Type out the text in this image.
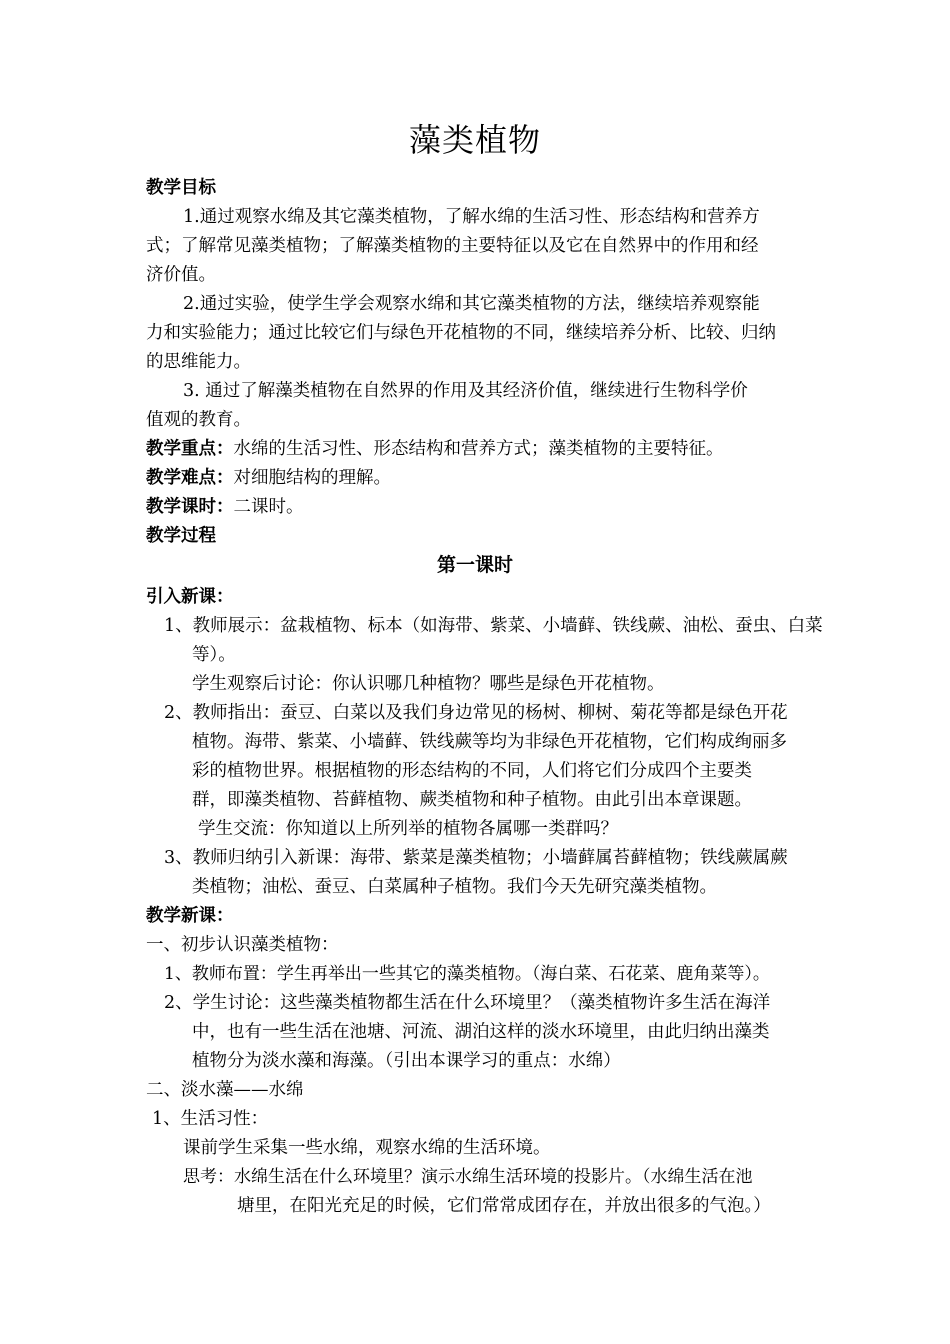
藻类植物
教学目标
1.通过观察水绵及其它藻类植物，了解水绵的生活习性、形态结构和营养方
式；了解常见藻类植物；了解藻类植物的主要特征以及它在自然界中的作用和经
济价值。
2.通过实验，使学生学会观察水绵和其它藻类植物的方法，继续培养观察能
力和实验能力；通过比较它们与绿色开花植物的不同，继续培养分析、比较、归纳
的思维能力。
3. 通过了解藻类植物在自然界的作用及其经济价值，继续进行生物科学价
值观的教育。
教学重点：水绵的生活习性、形态结构和营养方式；藻类植物的主要特征。
教学难点：对细胞结构的理解。
教学课时：二课时。
教学过程
第一课时
引入新课：
1、教师展示：盆栽植物、标本（如海带、紫菜、小墙藓、铁线蕨、油松、蚕虫、白菜
等）。
学生观察后讨论：你认识哪几种植物？哪些是绿色开花植物。
2、教师指出：蚕豆、白菜以及我们身边常见的杨树、柳树、菊花等都是绿色开花
植物。海带、紫菜、小墙藓、铁线蕨等均为非绿色开花植物，它们构成绚丽多
彩的植物世界。根据植物的形态结构的不同，人们将它们分成四个主要类
群，即藻类植物、苔藓植物、蕨类植物和种子植物。由此引出本章课题。
学生交流：你知道以上所列举的植物各属哪一类群吗？
3、教师归纳引入新课：海带、紫菜是藻类植物；小墙藓属苔藓植物；铁线蕨属蕨
类植物；油松、蚕豆、白菜属种子植物。我们今天先研究藻类植物。
教学新课：
一、初步认识藻类植物：
1、教师布置：学生再举出一些其它的藻类植物。（海白菜、石花菜、鹿角菜等）。
2、学生讨论：这些藻类植物都生活在什么环境里？（藻类植物许多生活在海洋
中，也有一些生活在池塘、河流、湖泊这样的淡水环境里，由此归纳出藻类
植物分为淡水藻和海藻。（引出本课学习的重点：水绵）
二、淡水藻——水绵
1、生活习性：
课前学生采集一些水绵，观察水绵的生活环境。
思考：水绵生活在什么环境里？演示水绵生活环境的投影片。（水绵生活在池
塘里，在阳光充足的时候，它们常常成团存在，并放出很多的气泡。）
